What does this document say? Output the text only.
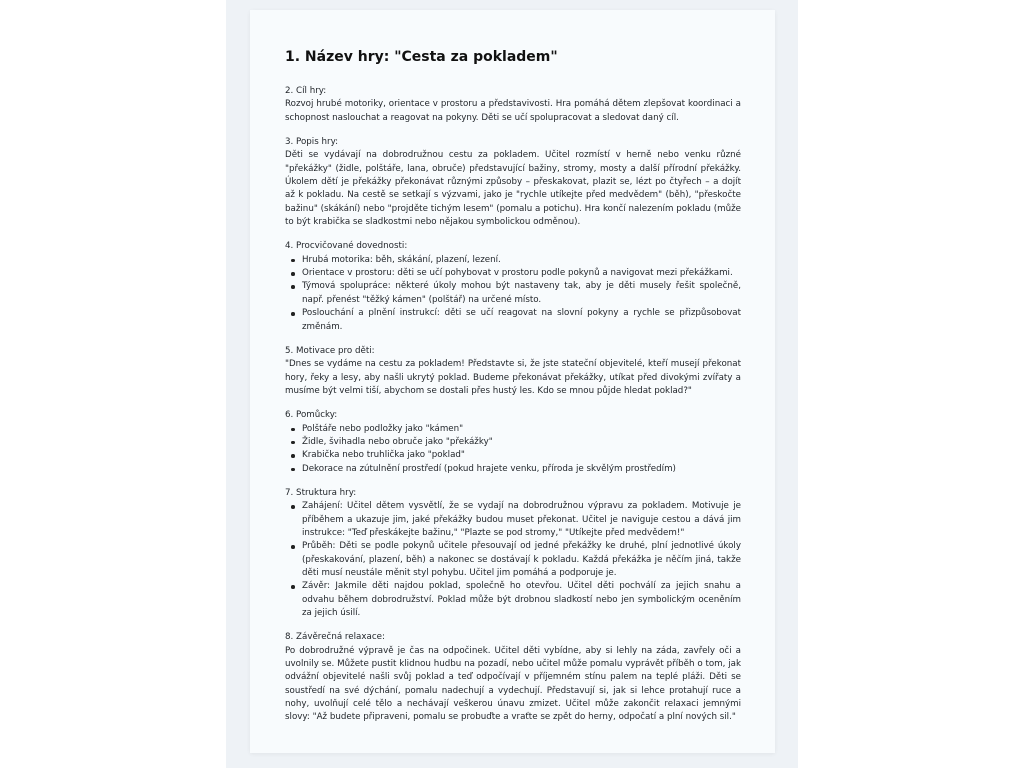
1. Název hry: "Cesta za pokladem"
2. Cíl hry:
Rozvoj hrubé motoriky, orientace v prostoru a představivosti. Hra pomáhá dětem zlepšovat koordinaci a schopnost naslouchat a reagovat na pokyny. Děti se učí spolupracovat a sledovat daný cíl.
3. Popis hry:
Děti se vydávají na dobrodružnou cestu za pokladem. Učitel rozmístí v herně nebo venku různé "překážky" (židle, polštáře, lana, obruče) představující bažiny, stromy, mosty a další přírodní překážky. Úkolem dětí je překážky překonávat různými způsoby – přeskakovat, plazit se, lézt po čtyřech – a dojít až k pokladu. Na cestě se setkají s výzvami, jako je "rychle utíkejte před medvědem" (běh), "přeskočte bažinu" (skákání) nebo "projděte tichým lesem" (pomalu a potichu). Hra končí nalezením pokladu (může to být krabička se sladkostmi nebo nějakou symbolickou odměnou).
4. Procvičované dovednosti:
Hrubá motorika: běh, skákání, plazení, lezení.
Orientace v prostoru: děti se učí pohybovat v prostoru podle pokynů a navigovat mezi překážkami.
Týmová spolupráce: některé úkoly mohou být nastaveny tak, aby je děti musely řešit společně, např. přenést "těžký kámen" (polštář) na určené místo.
Poslouchání a plnění instrukcí: děti se učí reagovat na slovní pokyny a rychle se přizpůsobovat změnám.
5. Motivace pro děti:
"Dnes se vydáme na cestu za pokladem! Představte si, že jste stateční objevitelé, kteří musejí překonat hory, řeky a lesy, aby našli ukrytý poklad. Budeme překonávat překážky, utíkat před divokými zvířaty a musíme být velmi tiší, abychom se dostali přes hustý les. Kdo se mnou půjde hledat poklad?"
6. Pomůcky:
Polštáře nebo podložky jako "kámen"
Židle, švihadla nebo obruče jako "překážky"
Krabička nebo truhlička jako "poklad"
Dekorace na zútulnění prostředí (pokud hrajete venku, příroda je skvělým prostředím)
7. Struktura hry:
Zahájení: Učitel dětem vysvětlí, že se vydají na dobrodružnou výpravu za pokladem. Motivuje je příběhem a ukazuje jim, jaké překážky budou muset překonat. Učitel je naviguje cestou a dává jim instrukce: "Teď přeskákejte bažinu," "Plazte se pod stromy," "Utíkejte před medvědem!"
Průběh: Děti se podle pokynů učitele přesouvají od jedné překážky ke druhé, plní jednotlivé úkoly (přeskakování, plazení, běh) a nakonec se dostávají k pokladu. Každá překážka je něčím jiná, takže děti musí neustále měnit styl pohybu. Učitel jim pomáhá a podporuje je.
Závěr: Jakmile děti najdou poklad, společně ho otevřou. Učitel děti pochválí za jejich snahu a odvahu během dobrodružství. Poklad může být drobnou sladkostí nebo jen symbolickým oceněním za jejich úsilí.
8. Závěrečná relaxace:
Po dobrodružné výpravě je čas na odpočinek. Učitel děti vybídne, aby si lehly na záda, zavřely oči a uvolnily se. Můžete pustit klidnou hudbu na pozadí, nebo učitel může pomalu vyprávět příběh o tom, jak odvážní objevitelé našli svůj poklad a teď odpočívají v příjemném stínu palem na teplé pláži. Děti se soustředí na své dýchání, pomalu nadechují a vydechují. Představují si, jak si lehce protahují ruce a nohy, uvolňují celé tělo a nechávají veškerou únavu zmizet. Učitel může zakončit relaxaci jemnými slovy: "Až budete připraveni, pomalu se probuďte a vraťte se zpět do herny, odpočatí a plní nových sil."
